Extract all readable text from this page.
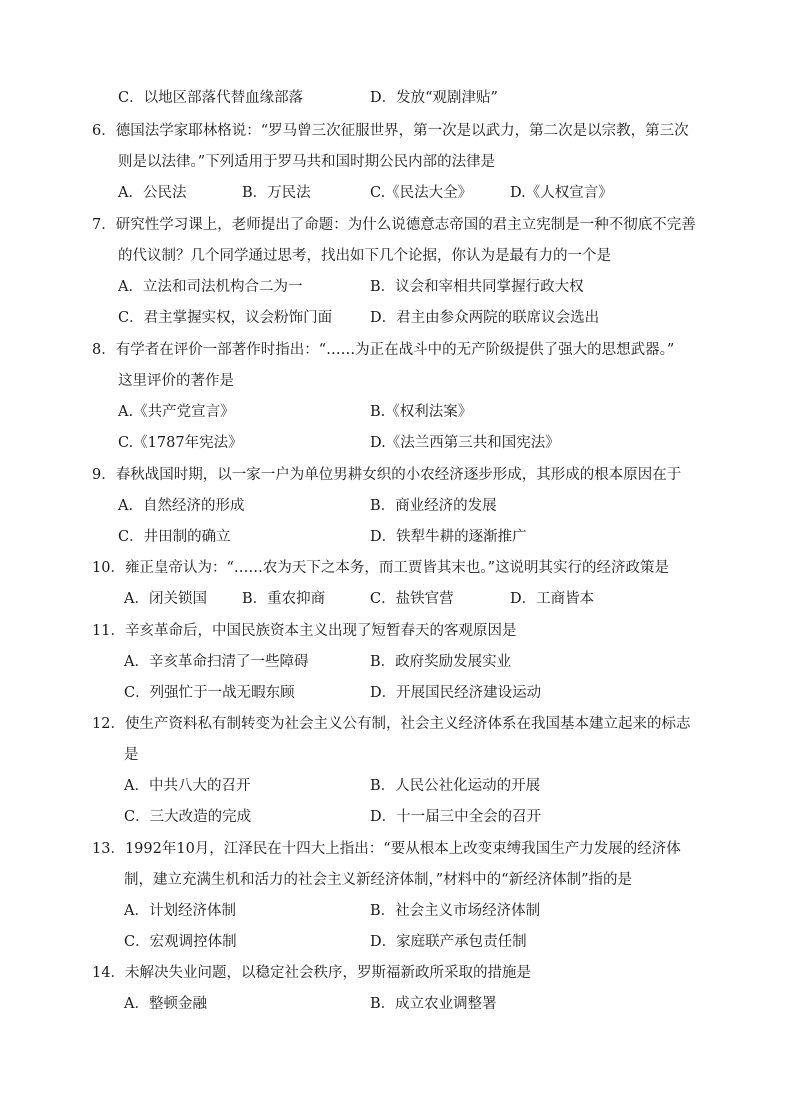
C．以地区部落代替血缘部落	D．发放“观剧津贴”
6．德国法学家耶林格说：“罗马曾三次征服世界，第一次是以武力，第二次是以宗教，第三次
则是以法律。”下列适用于罗马共和国时期公民内部的法律是
A．公民法	B．万民法	C.《民法大全》	D.《人权宣言》
7．研究性学习课上，老师提出了命题：为什么说德意志帝国的君主立宪制是一种不彻底不完善
的代议制？几个同学通过思考，找出如下几个论据，你认为是最有力的一个是
A．立法和司法机构合二为一	B．议会和宰相共同掌握行政大权
C．君主掌握实权，议会粉饰门面	D．君主由参众两院的联席议会选出
8．有学者在评价一部著作时指出：“……为正在战斗中的无产阶级提供了强大的思想武器。”
这里评价的著作是
A.《共产党宣言》	B.《权利法案》
C.《1787年宪法》	D.《法兰西第三共和国宪法》
9．春秋战国时期，以一家一户为单位男耕女织的小农经济逐步形成，其形成的根本原因在于
A．自然经济的形成	B．商业经济的发展
C．井田制的确立	D．铁犁牛耕的逐渐推广
10．雍正皇帝认为：“……农为天下之本务，而工贾皆其末也。”这说明其实行的经济政策是
A．闭关锁国 B．重农抑商	C．盐铁官营	D．工商皆本
11．辛亥革命后，中国民族资本主义出现了短暂春天的客观原因是
A．辛亥革命扫清了一些障碍	B．政府奖励发展实业
C．列强忙于一战无暇东顾	D．开展国民经济建设运动
12．使生产资料私有制转变为社会主义公有制，社会主义经济体系在我国基本建立起来的标志
是
A．中共八大的召开	B．人民公社化运动的开展
C．三大改造的完成	D．十一届三中全会的召开
13．1992年10月，江泽民在十四大上指出：“要从根本上改变束缚我国生产力发展的经济体
制，建立充满生机和活力的社会主义新经济体制，”材料中的“新经济体制”指的是
A．计划经济体制	B．社会主义市场经济体制
C．宏观调控体制	D．家庭联产承包责任制
14．未解决失业问题，以稳定社会秩序，罗斯福新政所采取的措施是
A．整顿金融	B．成立农业调整署
